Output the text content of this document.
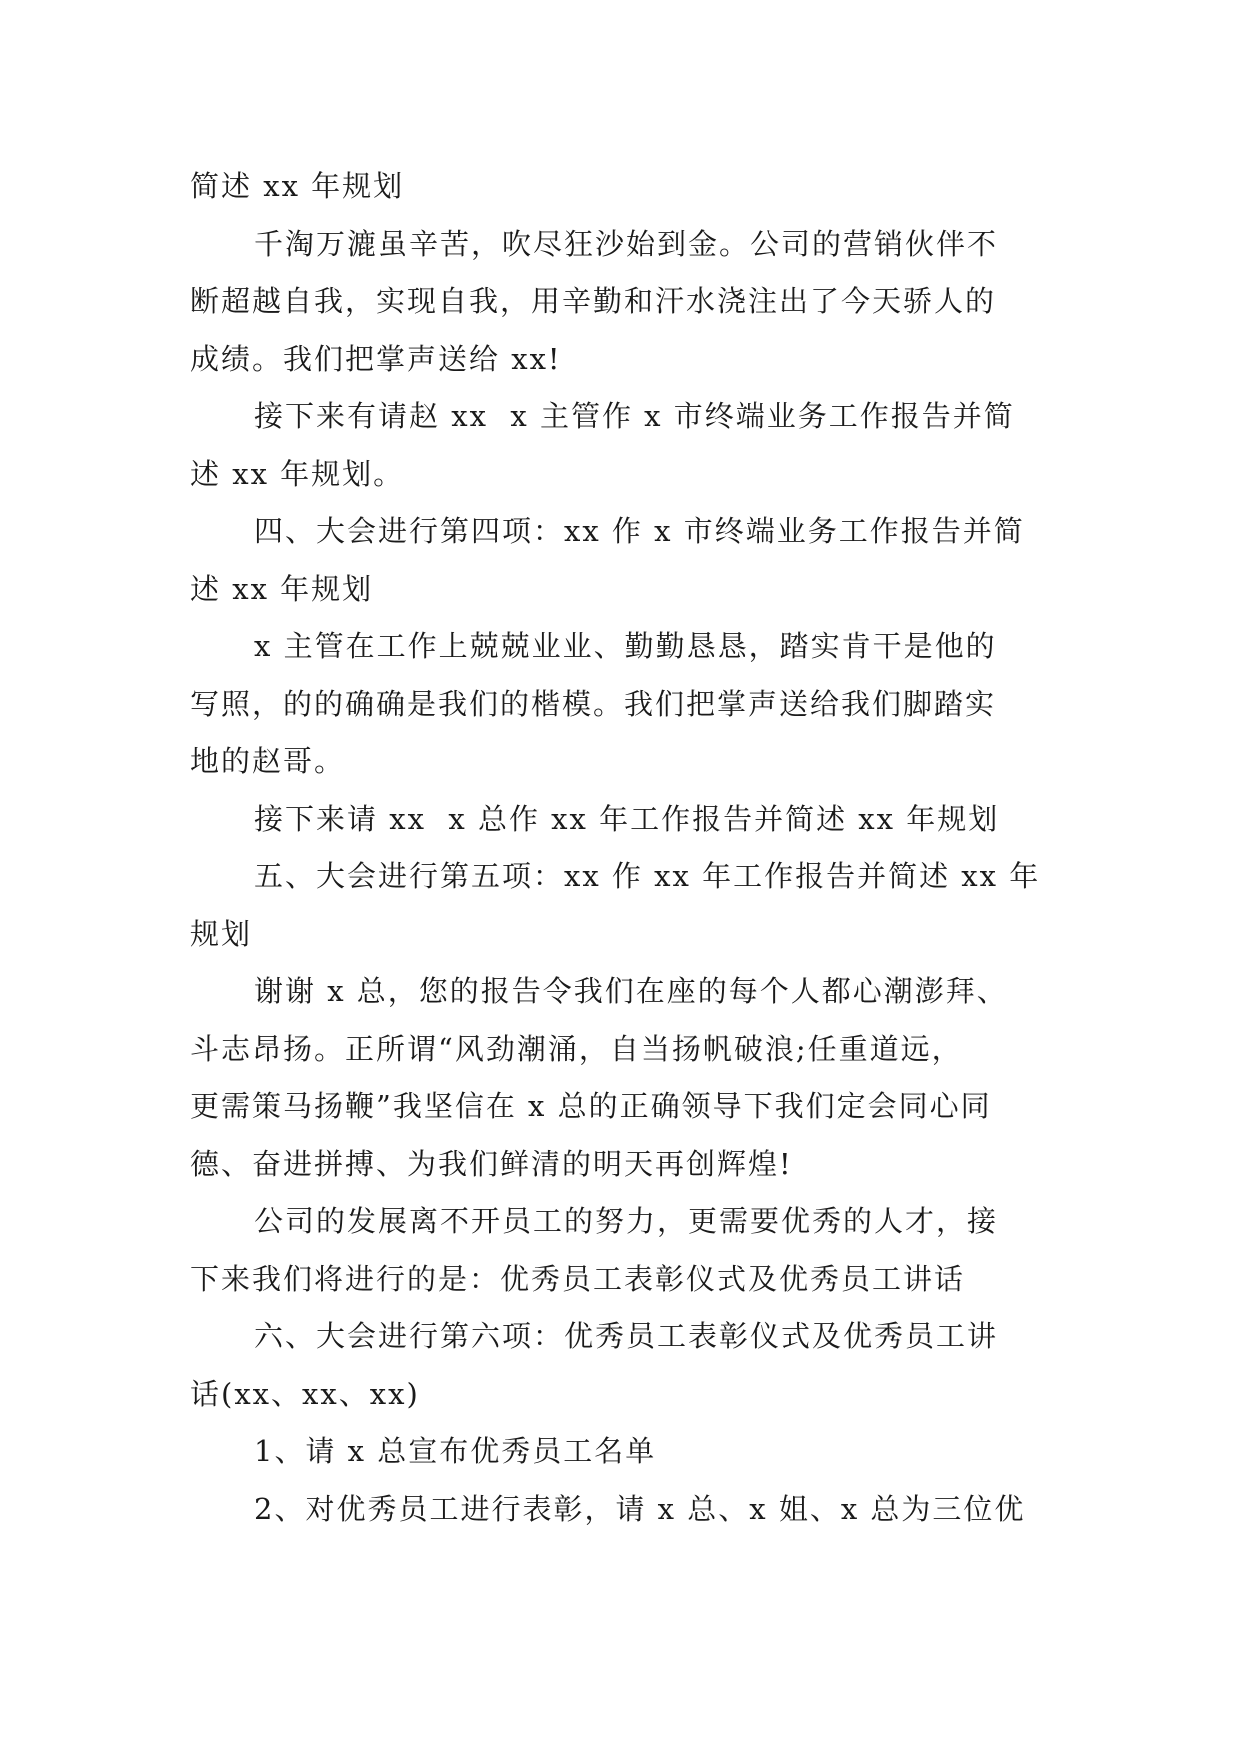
简述 xx 年规划
千淘万漉虽辛苦，吹尽狂沙始到金。公司的营销伙伴不
断超越自我，实现自我，用辛勤和汗水浇注出了今天骄人的
成绩。我们把掌声送给 xx!
接下来有请赵 xx  x 主管作 x 市终端业务工作报告并简
述 xx 年规划。
四、大会进行第四项：xx 作 x 市终端业务工作报告并简
述 xx 年规划
x 主管在工作上兢兢业业、勤勤恳恳，踏实肯干是他的
写照，的的确确是我们的楷模。我们把掌声送给我们脚踏实
地的赵哥。
接下来请 xx  x 总作 xx 年工作报告并简述 xx 年规划
五、大会进行第五项：xx 作 xx 年工作报告并简述 xx 年
规划
谢谢 x 总，您的报告令我们在座的每个人都心潮澎拜、
斗志昂扬。正所谓“风劲潮涌，自当扬帆破浪;任重道远，
更需策马扬鞭”我坚信在 x 总的正确领导下我们定会同心同
德、奋进拼搏、为我们鲜清的明天再创辉煌!
公司的发展离不开员工的努力，更需要优秀的人才，接
下来我们将进行的是：优秀员工表彰仪式及优秀员工讲话
六、大会进行第六项：优秀员工表彰仪式及优秀员工讲
话(xx、xx、xx)
1、请 x 总宣布优秀员工名单
2、对优秀员工进行表彰，请 x 总、x 姐、x 总为三位优
